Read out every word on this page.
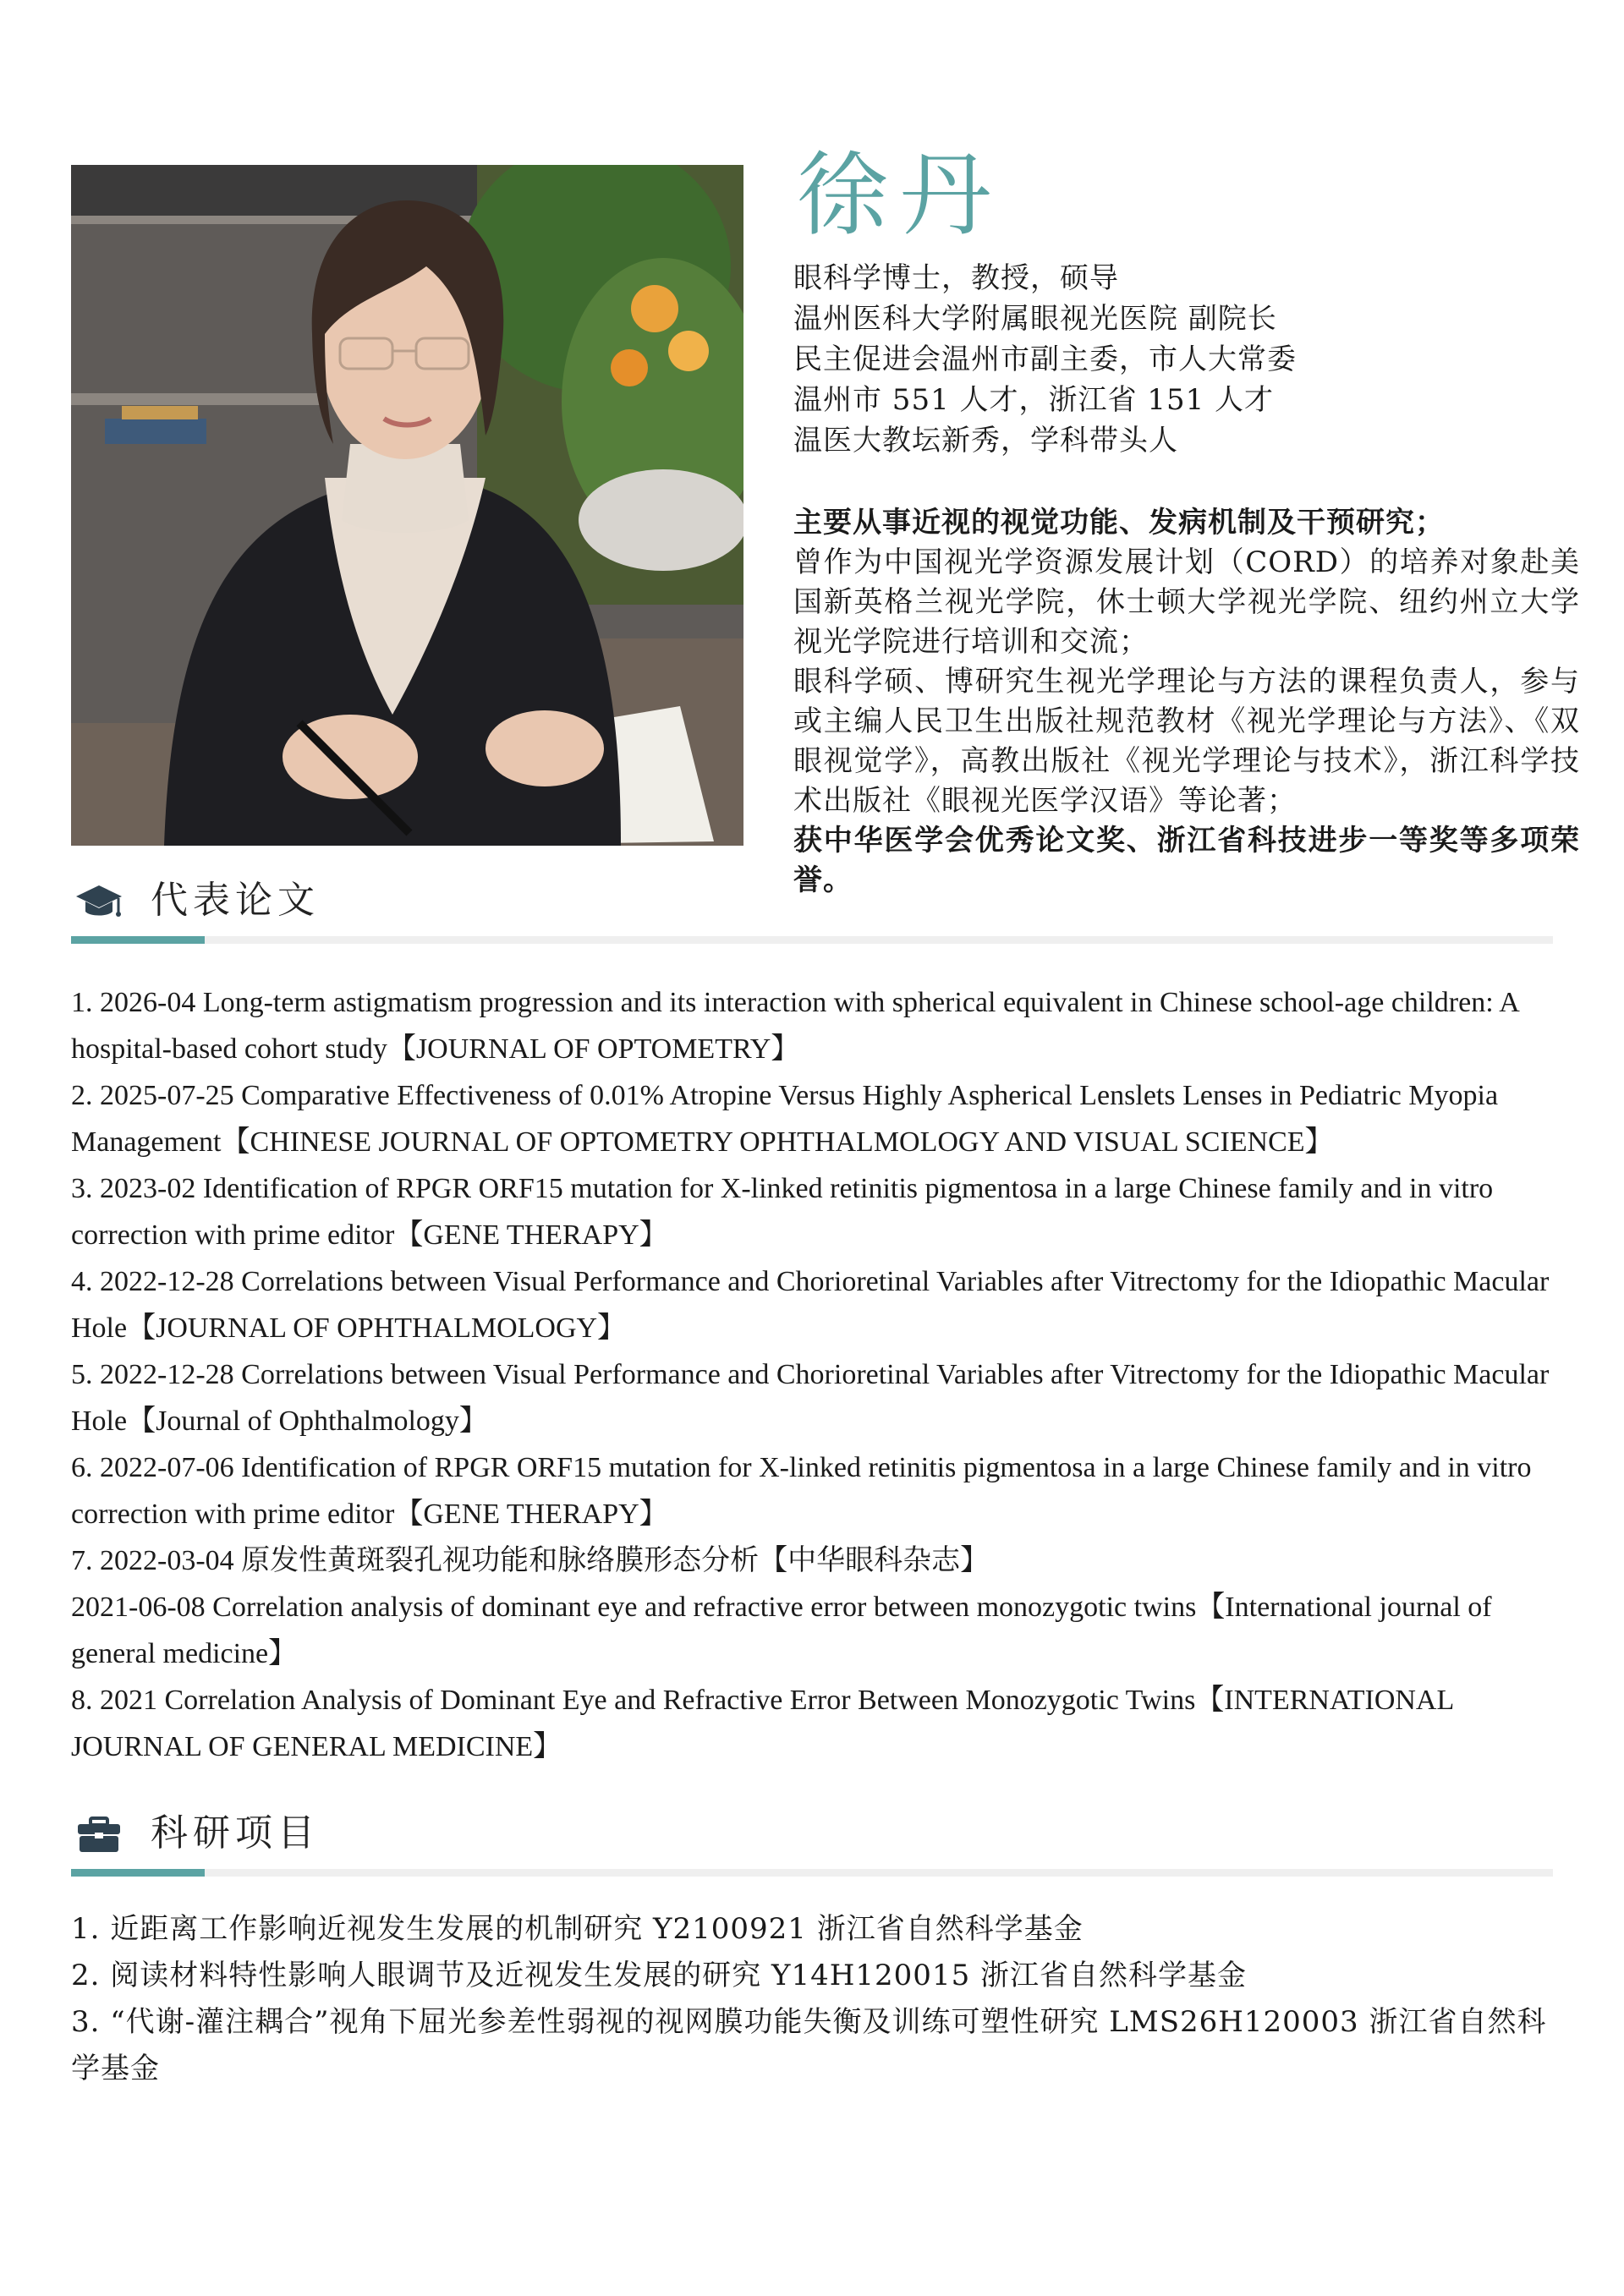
徐丹
眼科学博士，教授，硕导
温州医科大学附属眼视光医院 副院长
民主促进会温州市副主委，市人大常委
温州市 551 人才，浙江省 151 人才
温医大教坛新秀，学科带头人

主要从事近视的视觉功能、发病机制及干预研究；

曾作为中国视光学资源发展计划（CORD）的培养对象赴美国新英格兰视光学院，休士顿大学视光学院、纽约州立大学视光学院进行培训和交流；

眼科学硕、博研究生视光学理论与方法的课程负责人，参与或主编人民卫生出版社规范教材《视光学理论与方法》、《双眼视觉学》，高教出版社《视光学理论与技术》，浙江科学技术出版社《眼视光医学汉语》等论著；

获中华医学会优秀论文奖、浙江省科技进步一等奖等多项荣誉。

代表论文
1. 2026-04 Long-term astigmatism progression and its interaction with spherical equivalent in Chinese school-age children: A hospital-based cohort study【JOURNAL OF OPTOMETRY】
2. 2025-07-25 Comparative Effectiveness of 0.01% Atropine Versus Highly Aspherical Lenslets Lenses in Pediatric Myopia Management【CHINESE JOURNAL OF OPTOMETRY OPHTHALMOLOGY AND VISUAL SCIENCE】
3. 2023-02 Identification of RPGR ORF15 mutation for X-linked retinitis pigmentosa in a large Chinese family and in vitro correction with prime editor【GENE THERAPY】
4. 2022-12-28 Correlations between Visual Performance and Chorioretinal Variables after Vitrectomy for the Idiopathic Macular Hole【JOURNAL OF OPHTHALMOLOGY】
5. 2022-12-28 Correlations between Visual Performance and Chorioretinal Variables after Vitrectomy for the Idiopathic Macular Hole【Journal of Ophthalmology】
6. 2022-07-06 Identification of RPGR ORF15 mutation for X-linked retinitis pigmentosa in a large Chinese family and in vitro correction with prime editor【GENE THERAPY】
7. 2022-03-04 原发性黄斑裂孔视功能和脉络膜形态分析【中华眼科杂志】
2021-06-08 Correlation analysis of dominant eye and refractive error between monozygotic twins【International journal of general medicine】
8. 2021 Correlation Analysis of Dominant Eye and Refractive Error Between Monozygotic Twins【INTERNATIONAL JOURNAL OF GENERAL MEDICINE】
科研项目
1. 近距离工作影响近视发生发展的机制研究 Y2100921 浙江省自然科学基金
2. 阅读材料特性影响人眼调节及近视发生发展的研究 Y14H120015 浙江省自然科学基金
3. “代谢-灌注耦合”视角下屈光参差性弱视的视网膜功能失衡及训练可塑性研究 LMS26H120003 浙江省自然科学基金
